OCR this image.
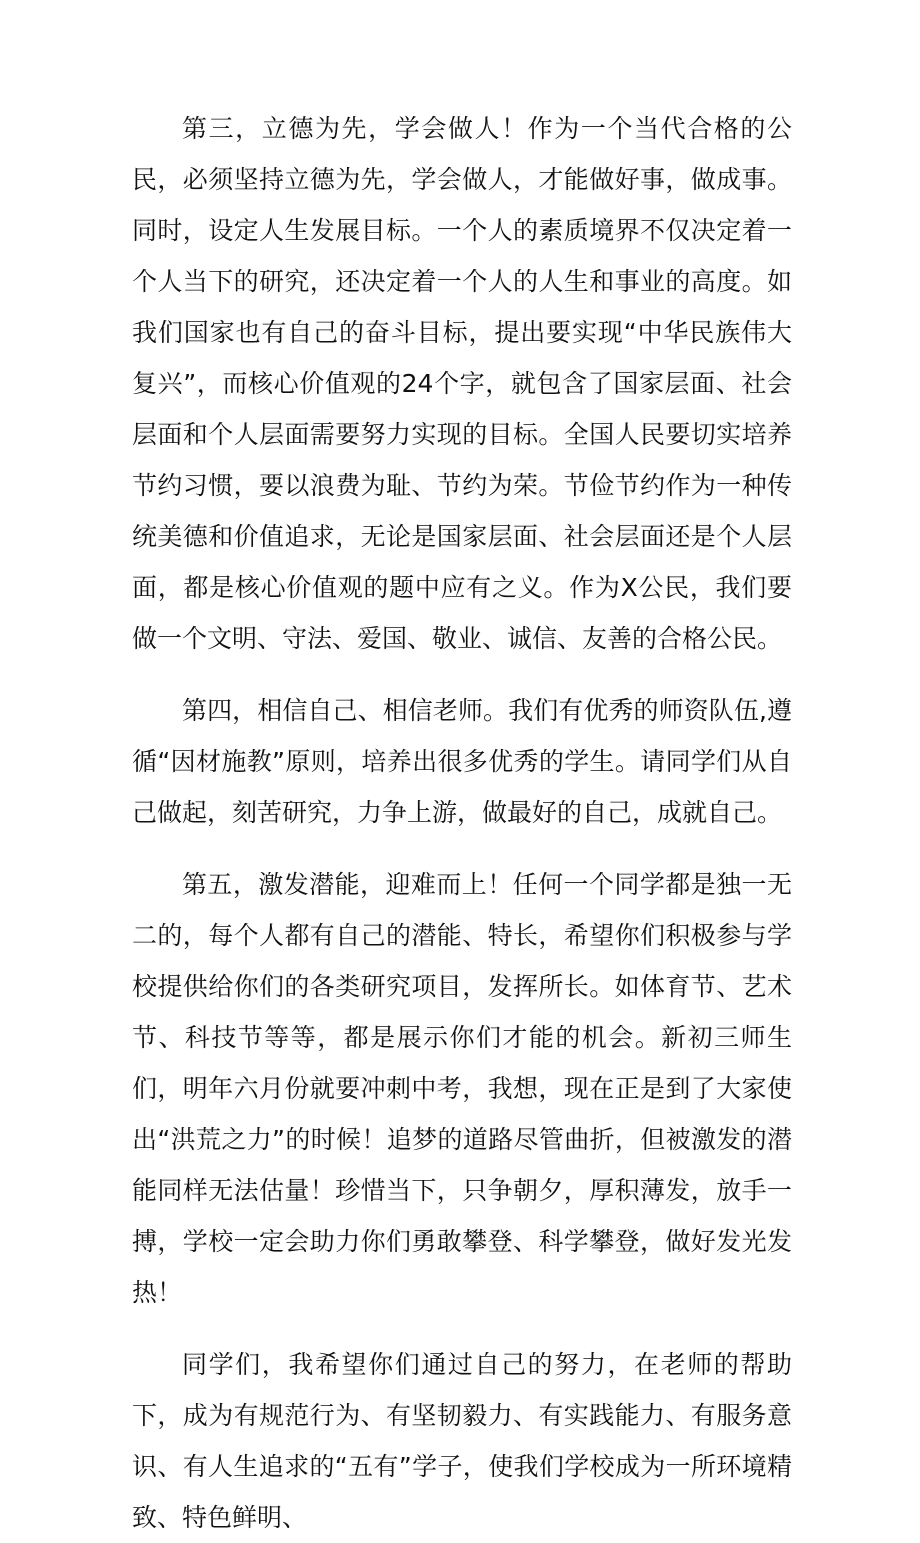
第三，立德为先，学会做人！作为一个当代合格的公民，必须坚持立德为先，学会做人，才能做好事，做成事。同时，设定人生发展目标。一个人的素质境界不仅决定着一个人当下的研究，还决定着一个人的人生和事业的高度。如我们国家也有自己的奋斗目标，提出要实现“中华民族伟大复兴”，而核心价值观的24个字，就包含了国家层面、社会层面和个人层面需要努力实现的目标。全国人民要切实培养节约习惯，要以浪费为耻、节约为荣。节俭节约作为一种传统美德和价值追求，无论是国家层面、社会层面还是个人层面，都是核心价值观的题中应有之义。作为X公民，我们要做一个文明、守法、爱国、敬业、诚信、友善的合格公民。

第四，相信自己、相信老师。我们有优秀的师资队伍,遵循“因材施教”原则，培养出很多优秀的学生。请同学们从自己做起，刻苦研究，力争上游，做最好的自己，成就自己。

第五，激发潜能，迎难而上！任何一个同学都是独一无二的，每个人都有自己的潜能、特长，希望你们积极参与学校提供给你们的各类研究项目，发挥所长。如体育节、艺术节、科技节等等，都是展示你们才能的机会。新初三师生们，明年六月份就要冲刺中考，我想，现在正是到了大家使出“洪荒之力”的时候！追梦的道路尽管曲折，但被激发的潜能同样无法估量！珍惜当下，只争朝夕，厚积薄发，放手一搏，学校一定会助力你们勇敢攀登、科学攀登，做好发光发热！

同学们，我希望你们通过自己的努力，在老师的帮助下，成为有规范行为、有坚韧毅力、有实践能力、有服务意识、有人生追求的“五有”学子，使我们学校成为一所环境精致、特色鲜明、
